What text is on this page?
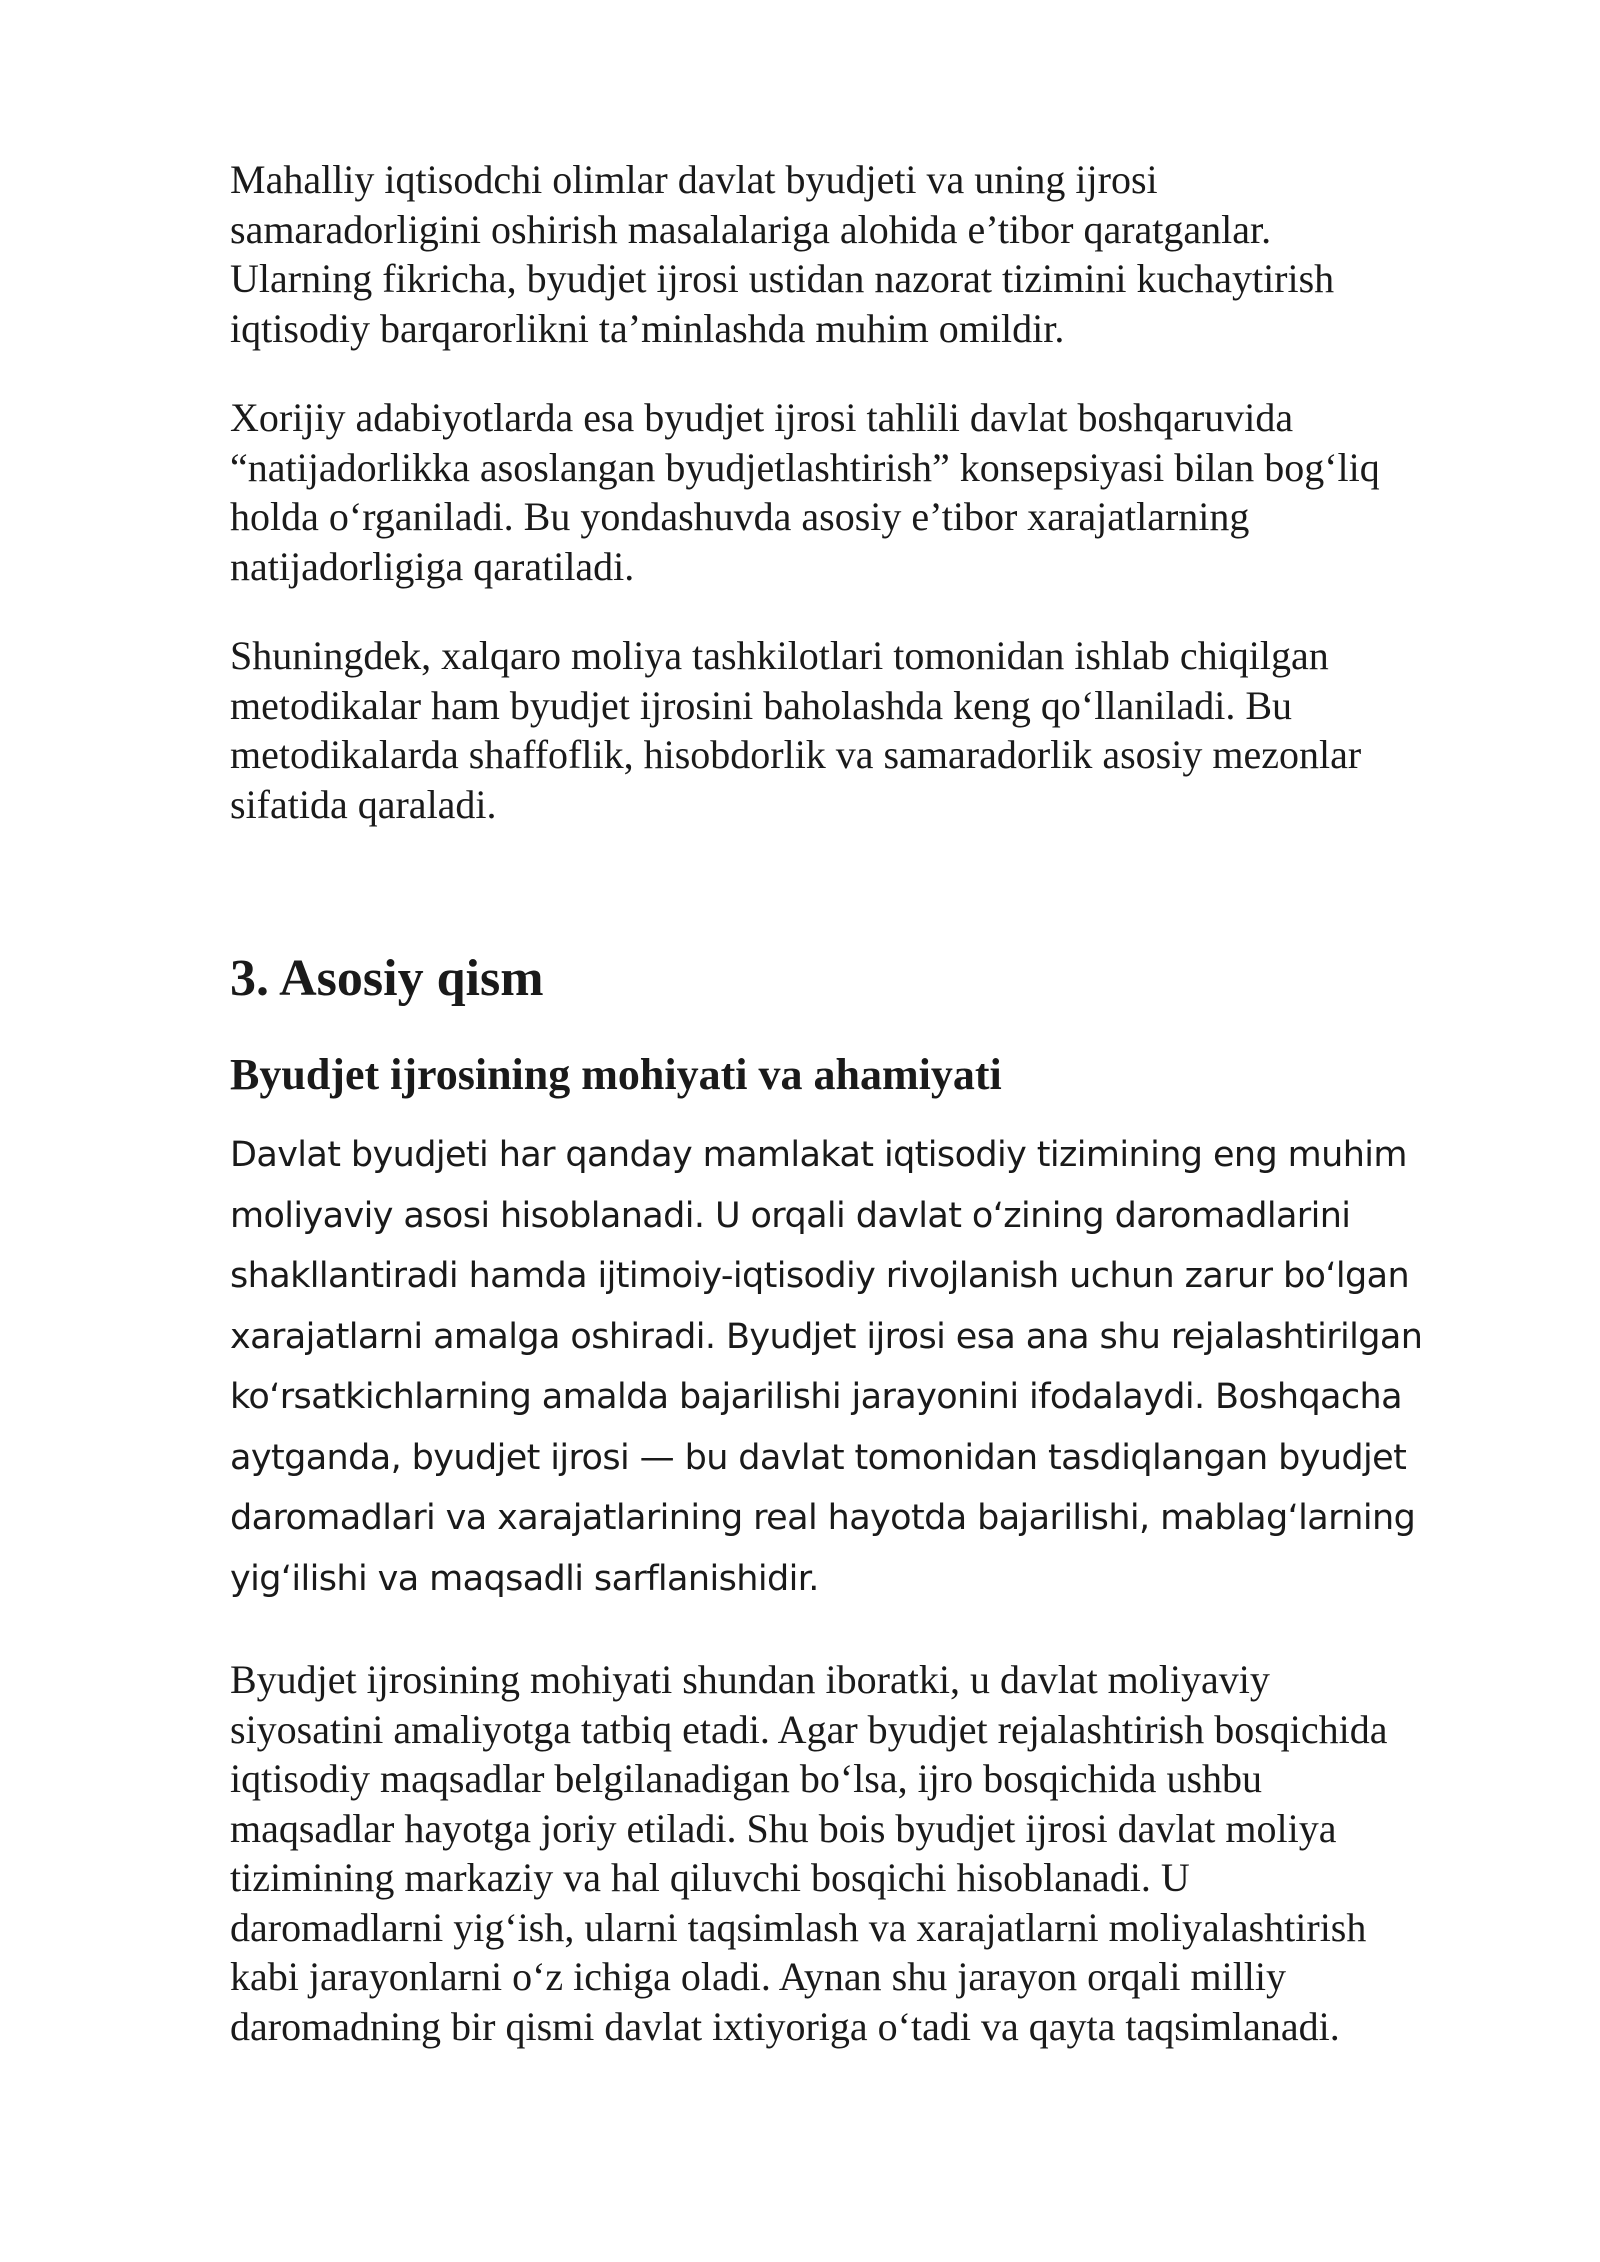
Mahalliy iqtisodchi olimlar davlat byudjeti va uning ijrosi
samaradorligini oshirish masalalariga alohida e’tibor qaratganlar.
Ularning fikricha, byudjet ijrosi ustidan nazorat tizimini kuchaytirish
iqtisodiy barqarorlikni ta’minlashda muhim omildir.

Xorijiy adabiyotlarda esa byudjet ijrosi tahlili davlat boshqaruvida
“natijadorlikka asoslangan byudjetlashtirish” konsepsiyasi bilan bog‘liq
holda o‘rganiladi. Bu yondashuvda asosiy e’tibor xarajatlarning
natijadorligiga qaratiladi.

Shuningdek, xalqaro moliya tashkilotlari tomonidan ishlab chiqilgan
metodikalar ham byudjet ijrosini baholashda keng qo‘llaniladi. Bu
metodikalarda shaffoflik, hisobdorlik va samaradorlik asosiy mezonlar
sifatida qaraladi.

3. Asosiy qism
Byudjet ijrosining mohiyati va ahamiyati

Davlat byudjeti har qanday mamlakat iqtisodiy tizimining eng muhim
moliyaviy asosi hisoblanadi. U orqali davlat o‘zining daromadlarini
shakllantiradi hamda ijtimoiy-iqtisodiy rivojlanish uchun zarur bo‘lgan
xarajatlarni amalga oshiradi. Byudjet ijrosi esa ana shu rejalashtirilgan
ko‘rsatkichlarning amalda bajarilishi jarayonini ifodalaydi. Boshqacha
aytganda, byudjet ijrosi — bu davlat tomonidan tasdiqlangan byudjet
daromadlari va xarajatlarining real hayotda bajarilishi, mablag‘larning
yig‘ilishi va maqsadli sarflanishidir.

Byudjet ijrosining mohiyati shundan iboratki, u davlat moliyaviy
siyosatini amaliyotga tatbiq etadi. Agar byudjet rejalashtirish bosqichida
iqtisodiy maqsadlar belgilanadigan bo‘lsa, ijro bosqichida ushbu
maqsadlar hayotga joriy etiladi. Shu bois byudjet ijrosi davlat moliya
tizimining markaziy va hal qiluvchi bosqichi hisoblanadi. U
daromadlarni yig‘ish, ularni taqsimlash va xarajatlarni moliyalashtirish
kabi jarayonlarni o‘z ichiga oladi. Aynan shu jarayon orqali milliy
daromadning bir qismi davlat ixtiyoriga o‘tadi va qayta taqsimlanadi.
